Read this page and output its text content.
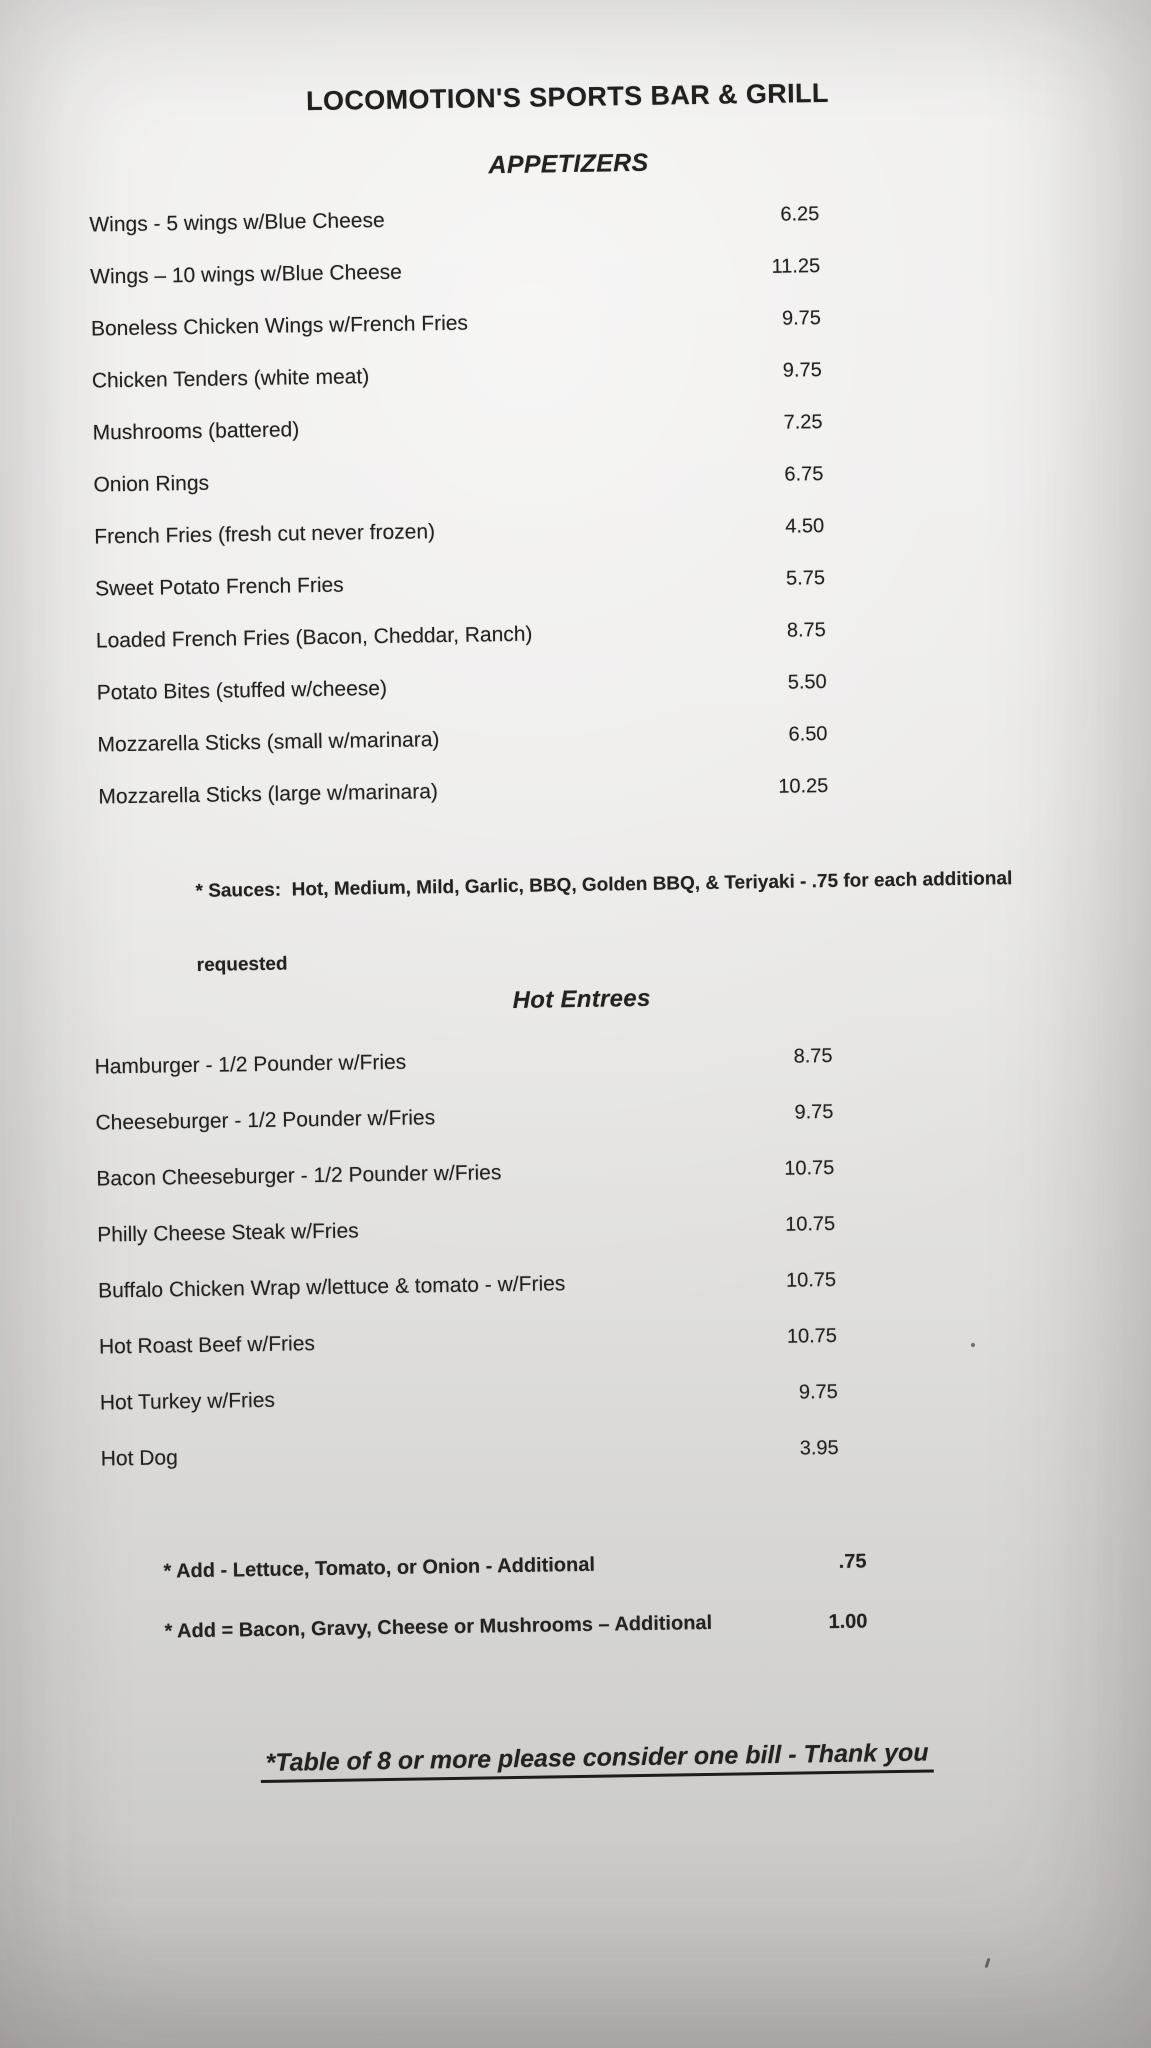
LOCOMOTION'S SPORTS BAR & GRILL
APPETIZERS
Wings - 5 wings w/Blue Cheese	6.25
Wings – 10 wings w/Blue Cheese	11.25
Boneless Chicken Wings w/French Fries	9.75
Chicken Tenders (white meat)	9.75
Mushrooms (battered)	7.25
Onion Rings	6.75
French Fries (fresh cut never frozen)	4.50
Sweet Potato French Fries	5.75
Loaded French Fries (Bacon, Cheddar, Ranch)	8.75
Potato Bites (stuffed w/cheese)	5.50
Mozzarella Sticks (small w/marinara)	6.50
Mozzarella Sticks (large w/marinara)	10.25

* Sauces:  Hot, Medium, Mild, Garlic, BBQ, Golden BBQ, & Teriyaki - .75 for each additional

requested

Hot Entrees
Hamburger - 1/2 Pounder w/Fries	8.75
Cheeseburger - 1/2 Pounder w/Fries	9.75
Bacon Cheeseburger - 1/2 Pounder w/Fries	10.75
Philly Cheese Steak w/Fries	10.75
Buffalo Chicken Wrap w/lettuce & tomato - w/Fries	10.75
Hot Roast Beef w/Fries	10.75
Hot Turkey w/Fries	9.75
Hot Dog	3.95
* Add - Lettuce, Tomato, or Onion - Additional	.75
* Add = Bacon, Gravy, Cheese or Mushrooms – Additional	1.00
*Table of 8 or more please consider one bill - Thank you
